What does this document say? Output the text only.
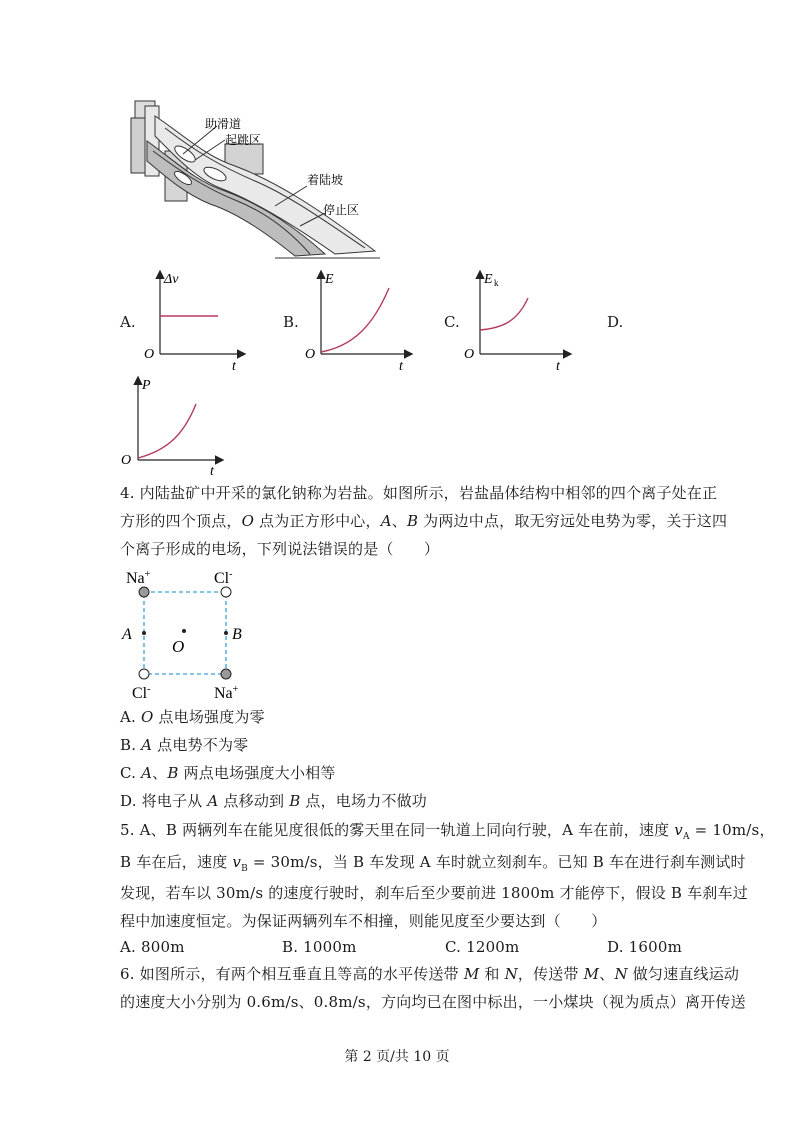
助滑道
起跳区
着陆坡
停止区
A.
Δv
O
t
B.
E
O
t
C.
E k
O
t
D.
P
O
t
4. 内陆盐矿中开采的氯化钠称为岩盐。如图所示，岩盐晶体结构中相邻的四个离子处在正
方形的四个顶点，O 点为正方形中心，A、B 为两边中点，取无穷远处电势为零，关于这四
个离子形成的电场，下列说法错误的是（　　）
Na+	Cl-
Cl-	Na+
A	B
O
A. O 点电场强度为零
B. A 点电势不为零
C. A、B 两点电场强度大小相等
D. 将电子从 A 点移动到 B 点，电场力不做功
5. A、B 两辆列车在能见度很低的雾天里在同一轨道上同向行驶，A 车在前，速度 $v_A = 10m/s$，
B 车在后，速度 $v_B = 30m/s$，当 B 车发现 A 车时就立刻刹车。已知 B 车在进行刹车测试时
发现，若车以 30m/s 的速度行驶时，刹车后至少要前进 1800m 才能停下，假设 B 车刹车过
程中加速度恒定。为保证两辆列车不相撞，则能见度至少要达到（　　）
A. 800m	B. 1000m	C. 1200m	D. 1600m
6. 如图所示，有两个相互垂直且等高的水平传送带 M 和 N，传送带 M、N 做匀速直线运动
的速度大小分别为 0.6m/s、0.8m/s，方向均已在图中标出，一小煤块（视为质点）离开传送
第 2 页/共 10 页
